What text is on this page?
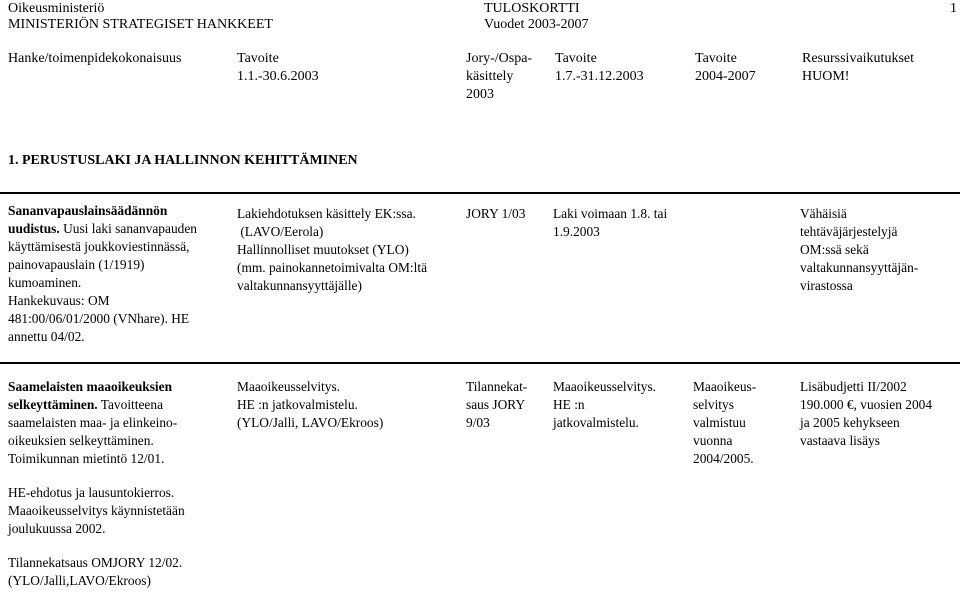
Oikeusministeriö
MINISTERIÖN STRATEGISET HANKKEET
TULOSKORTTI
Vuodet 2003-2007
1
Hanke/toimenpidekokonaisuus	Tavoite
1.1.-30.6.2003
Jory-/Ospa-
käsittely
2003
Tavoite
1.7.-31.12.2003
Tavoite
2004-2007
Resurssivaikutukset
HUOM!
1. PERUSTUSLAKI JA HALLINNON KEHITTÄMINEN
Sananvapauslainsäädännön
uudistus. Uusi laki sananvapauden
käyttämisestä joukkoviestinnässä,
painovapauslain (1/1919)
kumoaminen.
Hankekuvaus: OM
481:00/06/01/2000 (VNhare). HE
annettu 04/02.
Lakiehdotuksen käsittely EK:ssa.
(LAVO/Eerola)
Hallinnolliset muutokset (YLO)
(mm. painokannetoimivalta OM:ltä
valtakunnansyyttäjälle)
JORY 1/03 Laki voimaan 1.8. tai
1.9.2003
Vähäisiä
tehtäväjärjestelyjä
OM:ssä sekä
valtakunnansyyttäjän-
virastossa
Saamelaisten maaoikeuksien
selkeyttäminen. Tavoitteena
saamelaisten maa- ja elinkeino-
oikeuksien selkeyttäminen.
Toimikunnan mietintö 12/01.
HE-ehdotus ja lausuntokierros.
Maaoikeusselvitys käynnistetään
joulukuussa 2002.
Tilannekatsaus OMJORY 12/02.
(YLO/Jalli,LAVO/Ekroos)
Maaoikeusselvitys.
HE :n jatkovalmistelu.
(YLO/Jalli, LAVO/Ekroos)
Tilannekat-
saus JORY
9/03
Maaoikeusselvitys.
HE :n
jatkovalmistelu.
Maaoikeus-
selvitys
valmistuu
vuonna
2004/2005.
Lisäbudjetti II/2002
190.000 €, vuosien 2004
ja 2005 kehykseen
vastaava lisäys
